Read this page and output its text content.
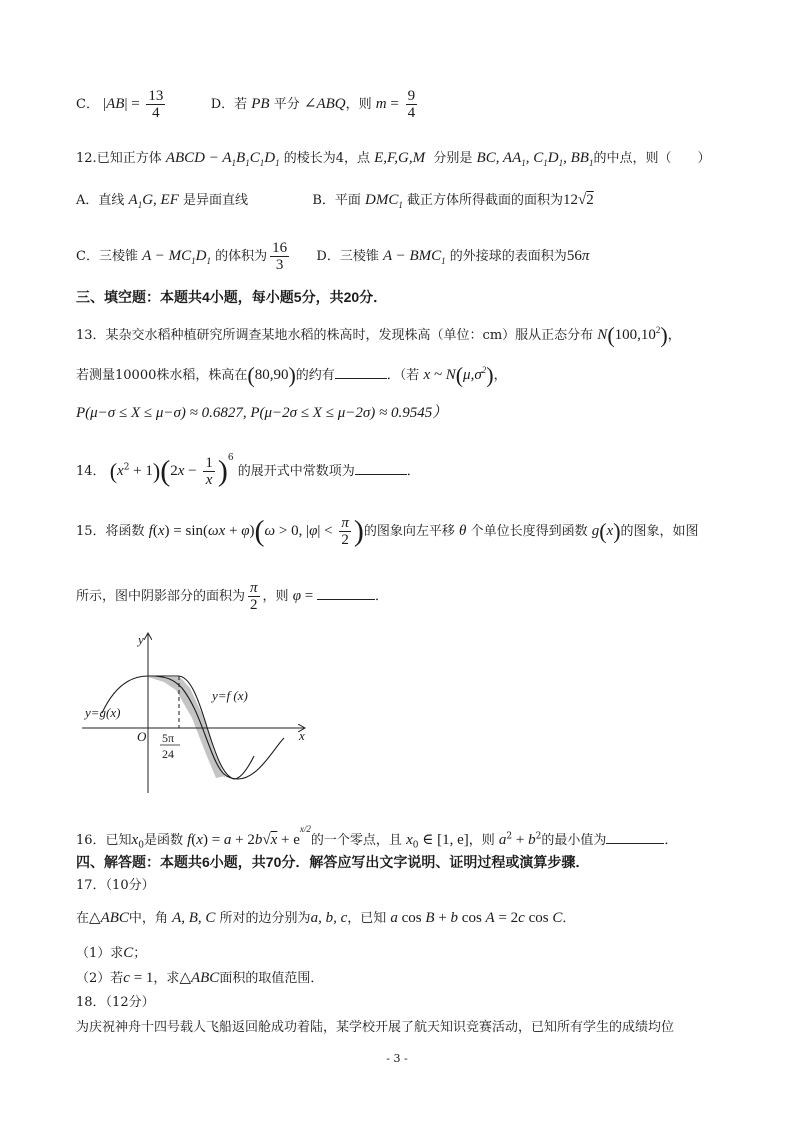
C． $|AB| = \frac{13}{4}$	D．若 PB 平分 ∠ABQ，则 $m = \frac{9}{4}$
12.已知正方体 ABCD − $A_1B_1C_1D_1$ 的棱长为4，点 E,F,G,M 分别是 BC, $AA_1$, $C_1D_1$, $BB_1$的中点，则（　　）
A．直线 $A_1G$, EF 是异面直线	B．平面 $DMC_1$ 截正方体所得截面的面积为12√2
C．三棱锥 $A - MC_1D_1$ 的体积为 $\frac{16}{3}$ D．三棱锥 $A - BMC_1$ 的外接球的表面积为56π
三、填空题：本题共4小题，每小题5分，共20分．
13．某杂交水稻种植研究所调查某地水稻的株高时，发现株高（单位：cm）服从正态分布 N(100,10$^2$)，
若测量10000株水稻，株高在(80,90)的约有	．（若 x ~ $N(\mu,\sigma^2)$，
P(μ−σ ≤ X ≤ μ−σ) ≈ 0.6827, P(μ−2σ ≤ X ≤ μ−2σ) ≈ 0.9545）
14． $(x^2 + 1)(2x - \frac{1}{x} )^6$ 的展开式中常数项为	．
15．将函数 f(x) = sin(ωx + φ)(ω > 0, $|\varphi| < \frac{\pi}{2}$ )的图象向左平移 θ 个单位长度得到函数 g(x)的图象，如图
所示，图中阴影部分的面积为 $\frac{\pi}{2}$ ，则 φ =	．
y
x
O
y=g(x)
y=f (x)
5π
24
16．已知$x_0$是函数 $f(x) = a + 2b√x + e^{x/2}$的一个零点，且 $x_0$ ∈ [1, e]，则 $a^2 + b^2$的最小值为	．
四、解答题：本题共6小题，共70分．解答应写出文字说明、证明过程或演算步骤．
17．（10分）
在△ABC中，角 A, B, C 所对的边分别为a, b, c，已知 a cos B + b cos A = 2c cos C．
（1）求C；
（2）若c = 1，求△ABC面积的取值范围．
18．（12分）
为庆祝神舟十四号载人飞船返回舱成功着陆，某学校开展了航天知识竞赛活动，已知所有学生的成绩均位
- 3 -
